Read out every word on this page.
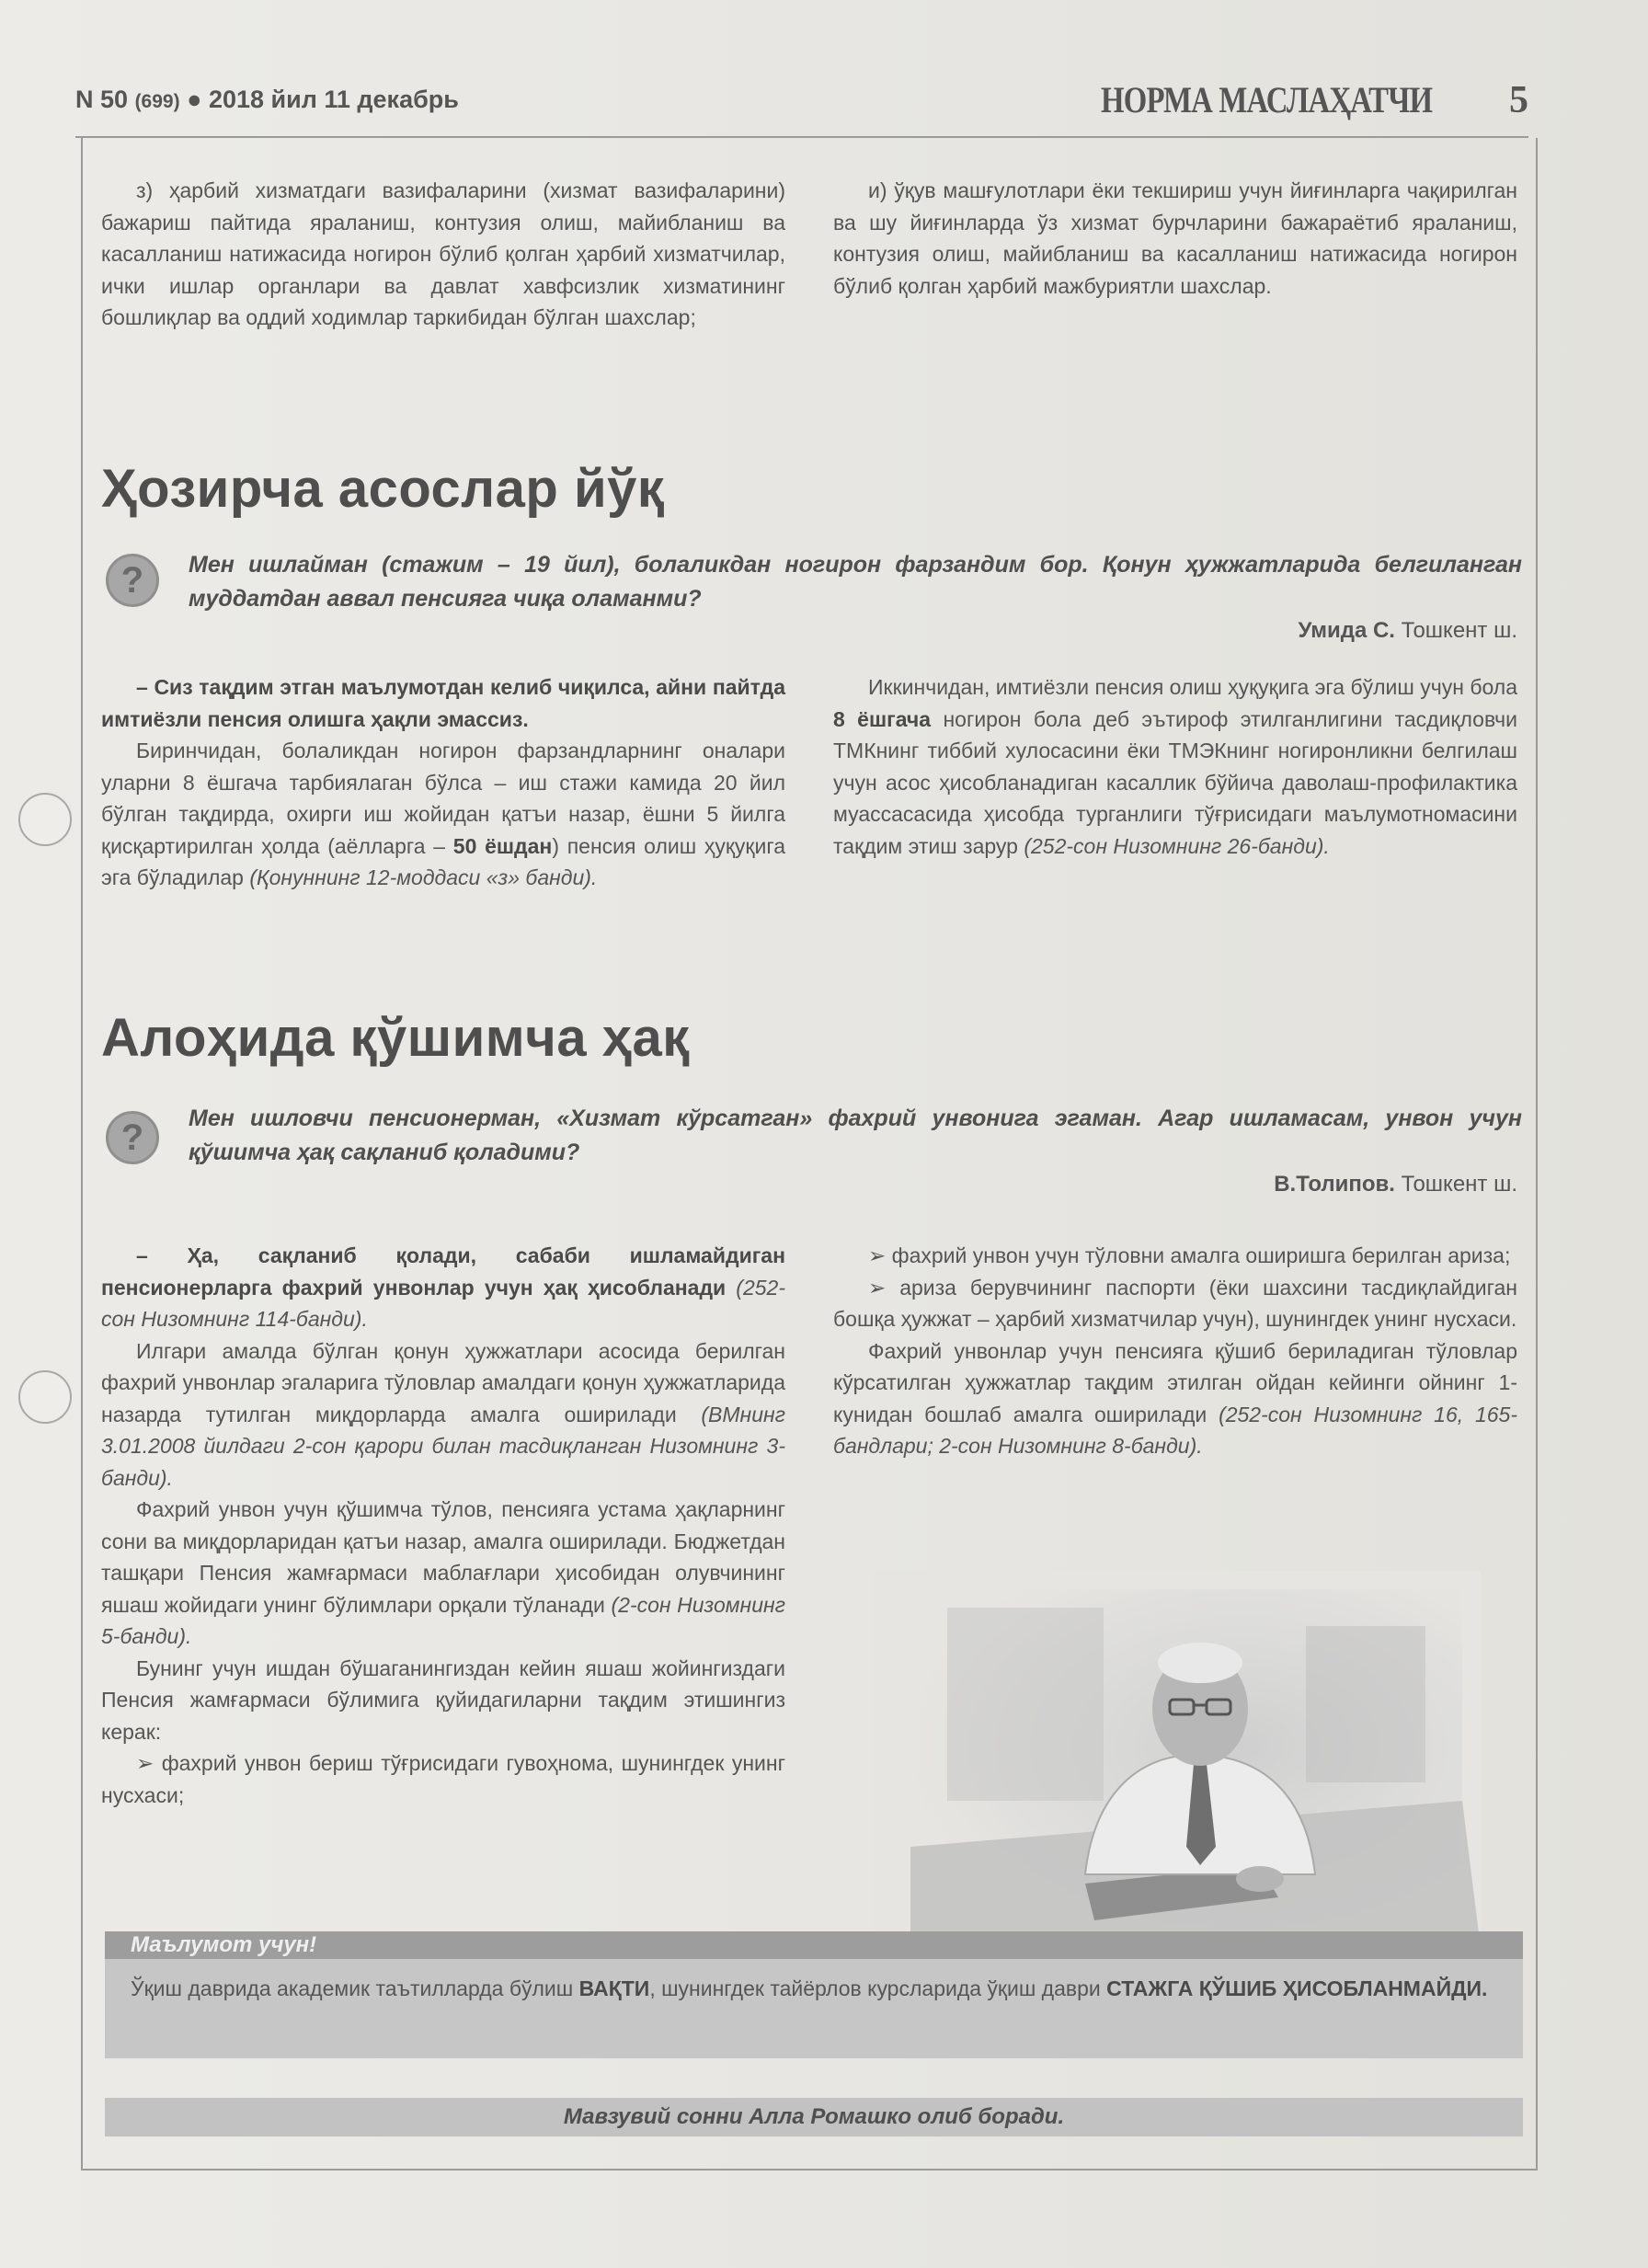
N 50 (699) ● 2018 йил 11 декабрь	НОРМА МАСЛАҲАТЧИ 5

з) ҳарбий хизматдаги вазифаларини (хизмат вазифаларини) бажариш пайтида яраланиш, контузия олиш, майибланиш ва касалланиш натижасида ногирон бўлиб қолган ҳарбий хизматчилар, ички ишлар органлари ва давлат хавфсизлик хизматининг бошлиқлар ва оддий ходимлар таркибидан бўлган шахслар;

и) ўқув машғулотлари ёки текшириш учун йиғинларга чақирилган ва шу йиғинларда ўз хизмат бурчларини бажараётиб яраланиш, контузия олиш, майибланиш ва касалланиш натижасида ногирон бўлиб қолган ҳарбий мажбуриятли шахслар.

Ҳозирча асослар йўқ
?	Мен ишлайман (стажим – 19 йил), болаликдан ногирон фарзандим бор. Қонун ҳужжатларида белгиланган муддатдан аввал пенсияга чиқа оламанми?
Умида С. Тошкент ш.

– Сиз тақдим этган маълумотдан келиб чиқилса, айни пайтда имтиёзли пенсия олишга ҳақли эмассиз.

Биринчидан, болаликдан ногирон фарзандларнинг оналари уларни 8 ёшгача тарбиялаган бўлса – иш стажи камида 20 йил бўлган тақдирда, охирги иш жойидан қатъи назар, ёшни 5 йилга қисқартирилган ҳолда (аёлларга – 50 ёшдан) пенсия олиш ҳуқуқига эга бўладилар (Қонуннинг 12-моддаси «з» банди).

Иккинчидан, имтиёзли пенсия олиш ҳуқуқига эга бўлиш учун бола 8 ёшгача ногирон бола деб эътироф этилганлигини тасдиқловчи ТМКнинг тиббий хулосасини ёки ТМЭКнинг ногиронликни белгилаш учун асос ҳисобланадиган касаллик бўйича даволаш-профилактика муассасасида ҳисобда турганлиги тўғрисидаги маълумотномасини тақдим этиш зарур (252-сон Низомнинг 26-банди).

Алоҳида қўшимча ҳақ
?	Мен ишловчи пенсионерман, «Хизмат кўрсатган» фахрий унвонига эгаман. Агар ишламасам, унвон учун қўшимча ҳақ сақланиб қоладими?
В.Толипов. Тошкент ш.

– Ҳа, сақланиб қолади, сабаби ишламайдиган пенсионерларга фахрий унвонлар учун ҳақ ҳисобланади (252-сон Низомнинг 114-банди).

Илгари амалда бўлган қонун ҳужжатлари асосида берилган фахрий унвонлар эгаларига тўловлар амалдаги қонун ҳужжатларида назарда тутилган миқдорларда амалга оширилади (ВМнинг 3.01.2008 йилдаги 2-сон қарори билан тасдиқланган Низомнинг 3-банди).

Фахрий унвон учун қўшимча тўлов, пенсияга устама ҳақларнинг сони ва миқдорларидан қатъи назар, амалга оширилади. Бюджетдан ташқари Пенсия жамғармаси маблағлари ҳисобидан олувчининг яшаш жойидаги унинг бўлимлари орқали тўланади (2-сон Низомнинг 5-банди).

Бунинг учун ишдан бўшаганингиздан кейин яшаш жойингиздаги Пенсия жамғармаси бўлимига қуйидагиларни тақдим этишингиз керак:

➢ фахрий унвон бериш тўғрисидаги гувоҳнома, шунингдек унинг нусхаси;

➢ фахрий унвон учун тўловни амалга оширишга берилган ариза;

➢ ариза берувчининг паспорти (ёки шахсини тасдиқлайдиган бошқа ҳужжат – ҳарбий хизматчилар учун), шунингдек унинг нусхаси.

Фахрий унвонлар учун пенсияга қўшиб бериладиган тўловлар кўрсатилган ҳужжатлар тақдим этилган ойдан кейинги ойнинг 1-кунидан бошлаб амалга оширилади (252-сон Низомнинг 16, 165-бандлари; 2-сон Низомнинг 8-банди).

Маълумот учун!
Ўқиш даврида академик таътилларда бўлиш ВАҚТИ, шунингдек тайёрлов курсларида ўқиш даври СТАЖГА ҚЎШИБ ҲИСОБЛАНМАЙДИ.
Мавзувий сонни Алла Ромашко олиб боради.
